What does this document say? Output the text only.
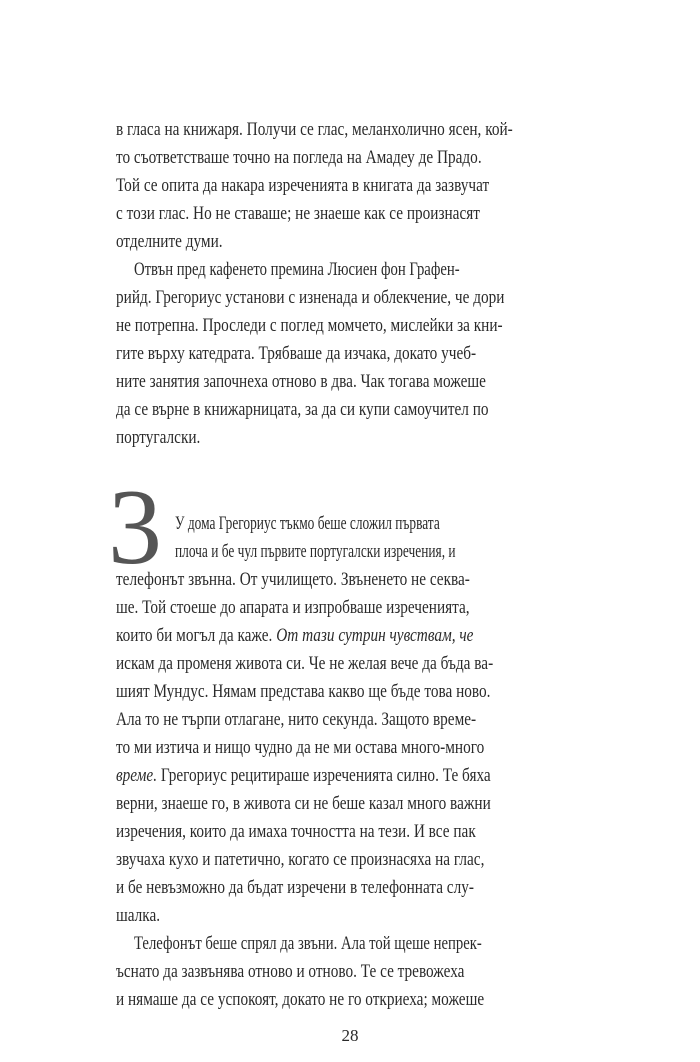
в гласа на книжаря. Получи се глас, меланхолично ясен, кой-

то съответстваше точно на погледа на Амадеу де Прадо.

Той се опита да накара изреченията в книгата да зазвучат

с този глас. Но не ставаше; не знаеше как се произнасят

отделните думи.

Отвън пред кафенето премина Люсиен фон Графен-

рийд. Грегориус установи с изненада и облекчение, че дори

не потрепна. Проследи с поглед момчето, мислейки за кни-

гите върху катедрата. Трябваше да изчака, докато учеб-

ните занятия започнеха отново в два. Чак тогава можеше

да се върне в книжарницата, за да си купи самоучител по

португалски.

3 У дома Грегориус тъкмо беше сложил първата

плоча и бе чул първите португалски изречения, и

телефонът звънна. От училището. Звъненето не секва-

ше. Той стоеше до апарата и изпробваше изреченията,

които би могъл да каже. От тази сутрин чувствам, че

искам да променя живота си. Че не желая вече да бъда ва-

шият Мундус. Нямам представа какво ще бъде това ново.

Ала то не търпи отлагане, нито секунда. Защото време-

то ми изтича и нищо чудно да не ми остава много-много

време. Грегориус рецитираше изреченията силно. Те бяха

верни, знаеше го, в живота си не беше казал много важни

изречения, които да имаха точността на тези. И все пак

звучаха кухо и патетично, когато се произнасяха на глас,

и бе невъзможно да бъдат изречени в телефонната слу-

шалка.

Телефонът беше спрял да звъни. Ала той щеше непрек-

ъснато да зазвънява отново и отново. Те се тревожеха

и нямаше да се успокоят, докато не го откриеха; можеше

28
